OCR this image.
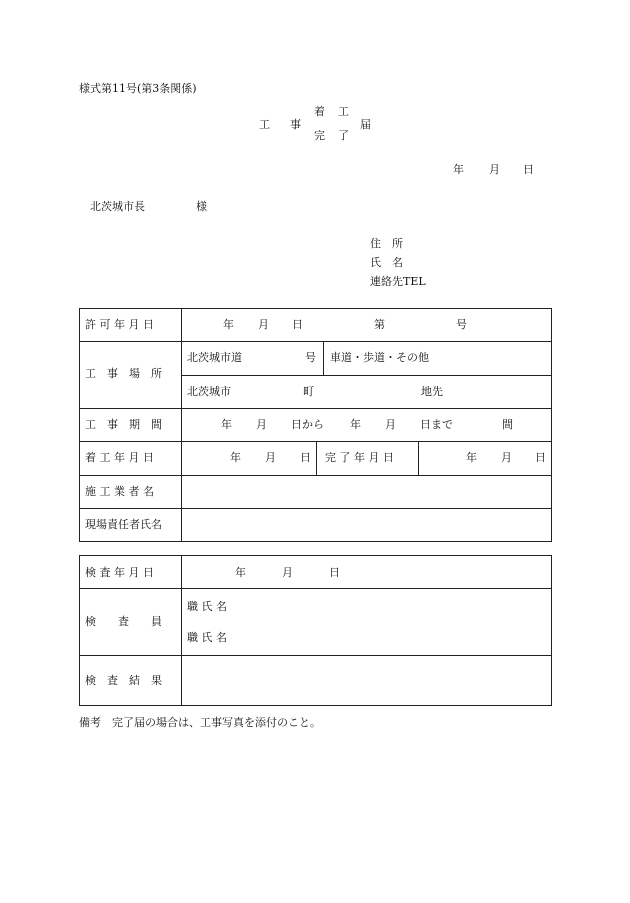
様式第11号(第3条関係)
工 事
着 工
完 了
届
年 月 日
北茨城市長	様
住　所
氏　名
連絡先TEL
許 可 年 月 日	年 月 日	第	号
工　事　場　所
北茨城市道	号 車道・歩道・その他
北茨城市	町	地先
工　事　期　間	年 月 日から 年 月 日まで	間
着 工 年 月 日	年 月 日 完 了 年 月 日	年 月 日
施 工 業 者 名
現場責任者氏名
検 査 年 月 日	年	月	日
検　　査　　員
職 氏 名
職 氏 名
検　査　結　果
備考　完了届の場合は、工事写真を添付のこと。
